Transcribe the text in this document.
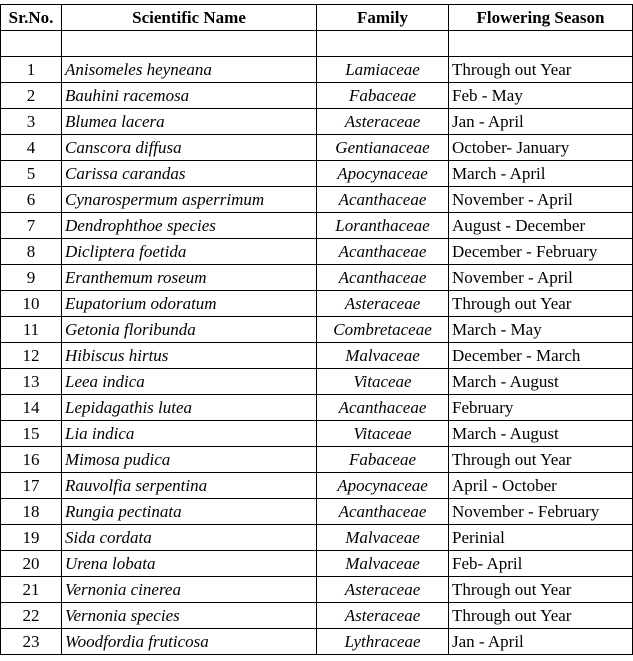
Sr.No.	Scientific Name	Family	Flowering Season

1	Anisomeles heyneana	Lamiaceae	Through out Year
2	Bauhini racemosa	Fabaceae	Feb - May
3	Blumea lacera	Asteraceae	Jan - April
4	Canscora diffusa	Gentianaceae	October- January
5	Carissa carandas	Apocynaceae	March - April
6	Cynarospermum asperrimum	Acanthaceae	November - April
7	Dendrophthoe species	Loranthaceae	August - December
8	Dicliptera foetida	Acanthaceae	December - February
9	Eranthemum roseum	Acanthaceae	November - April
10	Eupatorium odoratum	Asteraceae	Through out Year
11	Getonia floribunda	Combretaceae	March - May
12	Hibiscus hirtus	Malvaceae	December - March
13	Leea indica	Vitaceae	March - August
14	Lepidagathis lutea	Acanthaceae	February
15	Lia indica	Vitaceae	March - August
16	Mimosa pudica	Fabaceae	Through out Year
17	Rauvolfia serpentina	Apocynaceae	April - October
18	Rungia pectinata	Acanthaceae	November - February
19	Sida cordata	Malvaceae	Perinial
20	Urena lobata	Malvaceae	Feb- April
21	Vernonia cinerea	Asteraceae	Through out Year
22	Vernonia species	Asteraceae	Through out Year
23	Woodfordia fruticosa	Lythraceae	Jan - April
